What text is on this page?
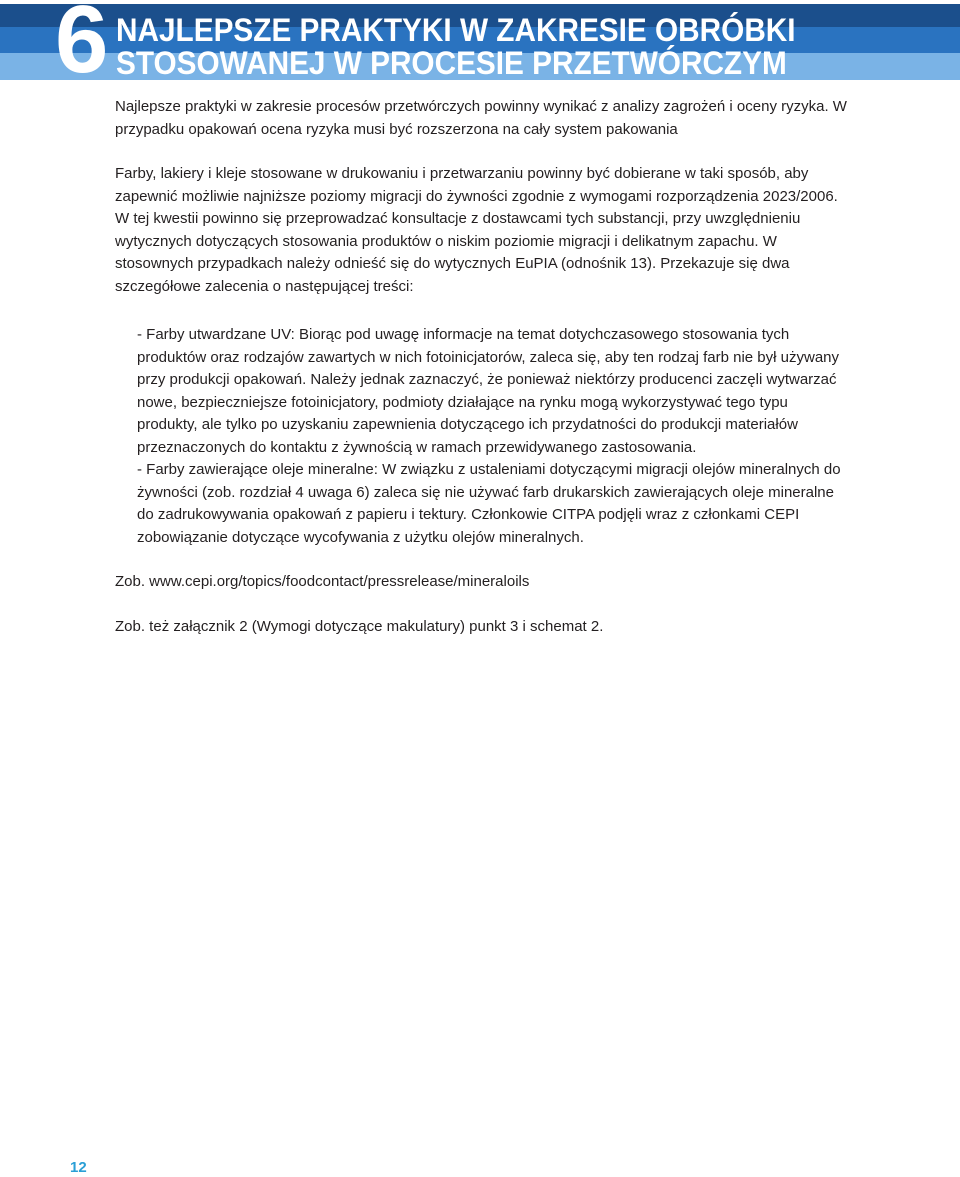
6 NAJLEPSZE PRAKTYKI W ZAKRESIE OBRÓBKI
STOSOWANEJ W PROCESIE PRZETWÓRCZYM

Najlepsze praktyki w zakresie procesów przetwórczych powinny wynikać z analizy zagrożeń i oceny ryzyka. W przypadku opakowań ocena ryzyka musi być rozszerzona na cały system pakowania

Farby, lakiery i kleje stosowane w drukowaniu i przetwarzaniu powinny być dobierane w taki sposób, aby zapewnić możliwie najniższe poziomy migracji do żywności zgodnie z wymogami rozporządzenia 2023/2006. W tej kwestii powinno się przeprowadzać konsultacje z dostawcami tych substancji, przy uwzględnieniu wytycznych dotyczących stosowania produktów o niskim poziomie migracji i delikatnym zapachu. W stosownych przypadkach należy odnieść się do wytycznych EuPIA (odnośnik 13). Przekazuje się dwa szczegółowe zalecenia o następującej treści:

- Farby utwardzane UV: Biorąc pod uwagę informacje na temat dotychczasowego stosowania tych produktów oraz rodzajów zawartych w nich fotoinicjatorów, zaleca się, aby ten rodzaj farb nie był używany przy produkcji opakowań. Należy jednak zaznaczyć, że ponieważ niektórzy producenci zaczęli wytwarzać nowe, bezpieczniejsze fotoinicjatory, podmioty działające na rynku mogą wykorzystywać tego typu produkty, ale tylko po uzyskaniu zapewnienia dotyczącego ich przydatności do produkcji materiałów przeznaczonych do kontaktu z żywnością w ramach przewidywanego zastosowania.

- Farby zawierające oleje mineralne: W związku z ustaleniami dotyczącymi migracji olejów mineralnych do żywności (zob. rozdział 4 uwaga 6) zaleca się nie używać farb drukarskich zawierających oleje mineralne do zadrukowywania opakowań z papieru i tektury. Członkowie CITPA podjęli wraz z członkami CEPI zobowiązanie dotyczące wycofywania z użytku olejów mineralnych.

Zob. www.cepi.org/topics/foodcontact/pressrelease/mineraloils

Zob. też załącznik 2 (Wymogi dotyczące makulatury) punkt 3 i schemat 2.

12
